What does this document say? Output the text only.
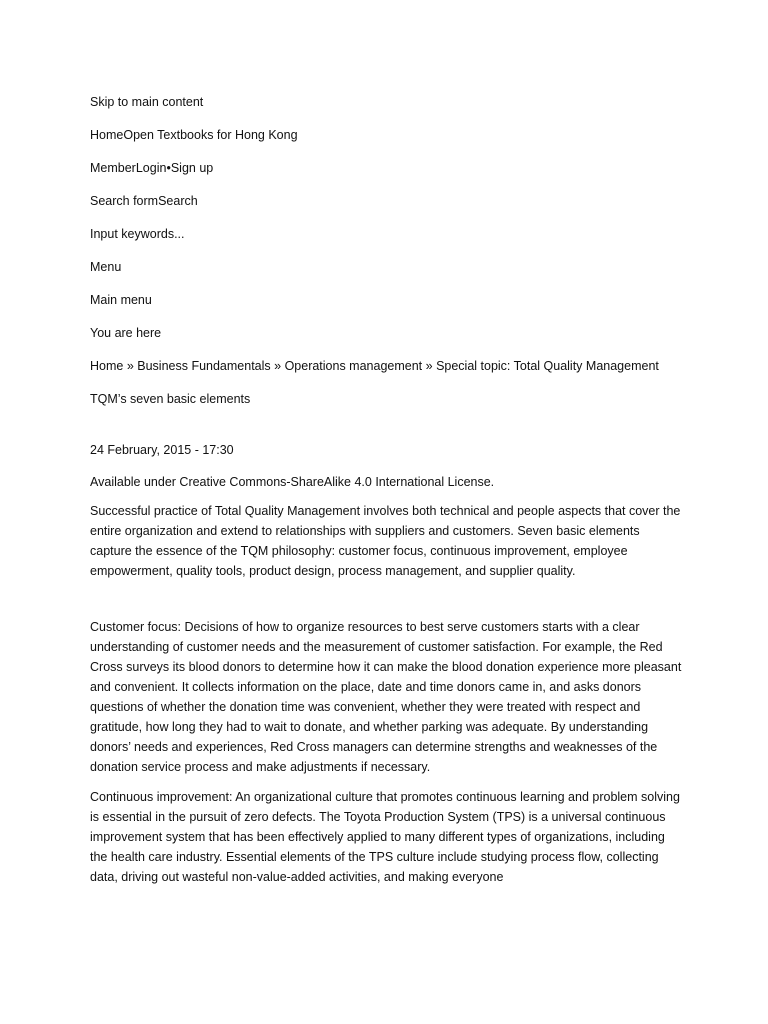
Skip to main content
HomeOpen Textbooks for Hong Kong
MemberLogin•Sign up
Search formSearch
Input keywords...
Menu
Main menu
You are here
Home » Business Fundamentals » Operations management » Special topic: Total Quality Management
TQM’s seven basic elements
24 February, 2015 - 17:30
Available under Creative Commons-ShareAlike 4.0 International License.

Successful practice of Total Quality Management involves both technical and people aspects that cover the entire organization and extend to relationships with suppliers and customers. Seven basic elements capture the essence of the TQM philosophy: customer focus, continuous improvement, employee empowerment, quality tools, product design, process management, and supplier quality.

Customer focus: Decisions of how to organize resources to best serve customers starts with a clear understanding of customer needs and the measurement of customer satisfaction. For example, the Red Cross surveys its blood donors to determine how it can make the blood donation experience more pleasant and convenient. It collects information on the place, date and time donors came in, and asks donors questions of whether the donation time was convenient, whether they were treated with respect and gratitude, how long they had to wait to donate, and whether parking was adequate. By understanding donors’ needs and experiences, Red Cross managers can determine strengths and weaknesses of the donation service process and make adjustments if necessary.

Continuous improvement: An organizational culture that promotes continuous learning and problem solving is essential in the pursuit of zero defects. The Toyota Production System (TPS) is a universal continuous improvement system that has been effectively applied to many different types of organizations, including the health care industry. Essential elements of the TPS culture include studying process flow, collecting data, driving out wasteful non-value-added activities, and making everyone
